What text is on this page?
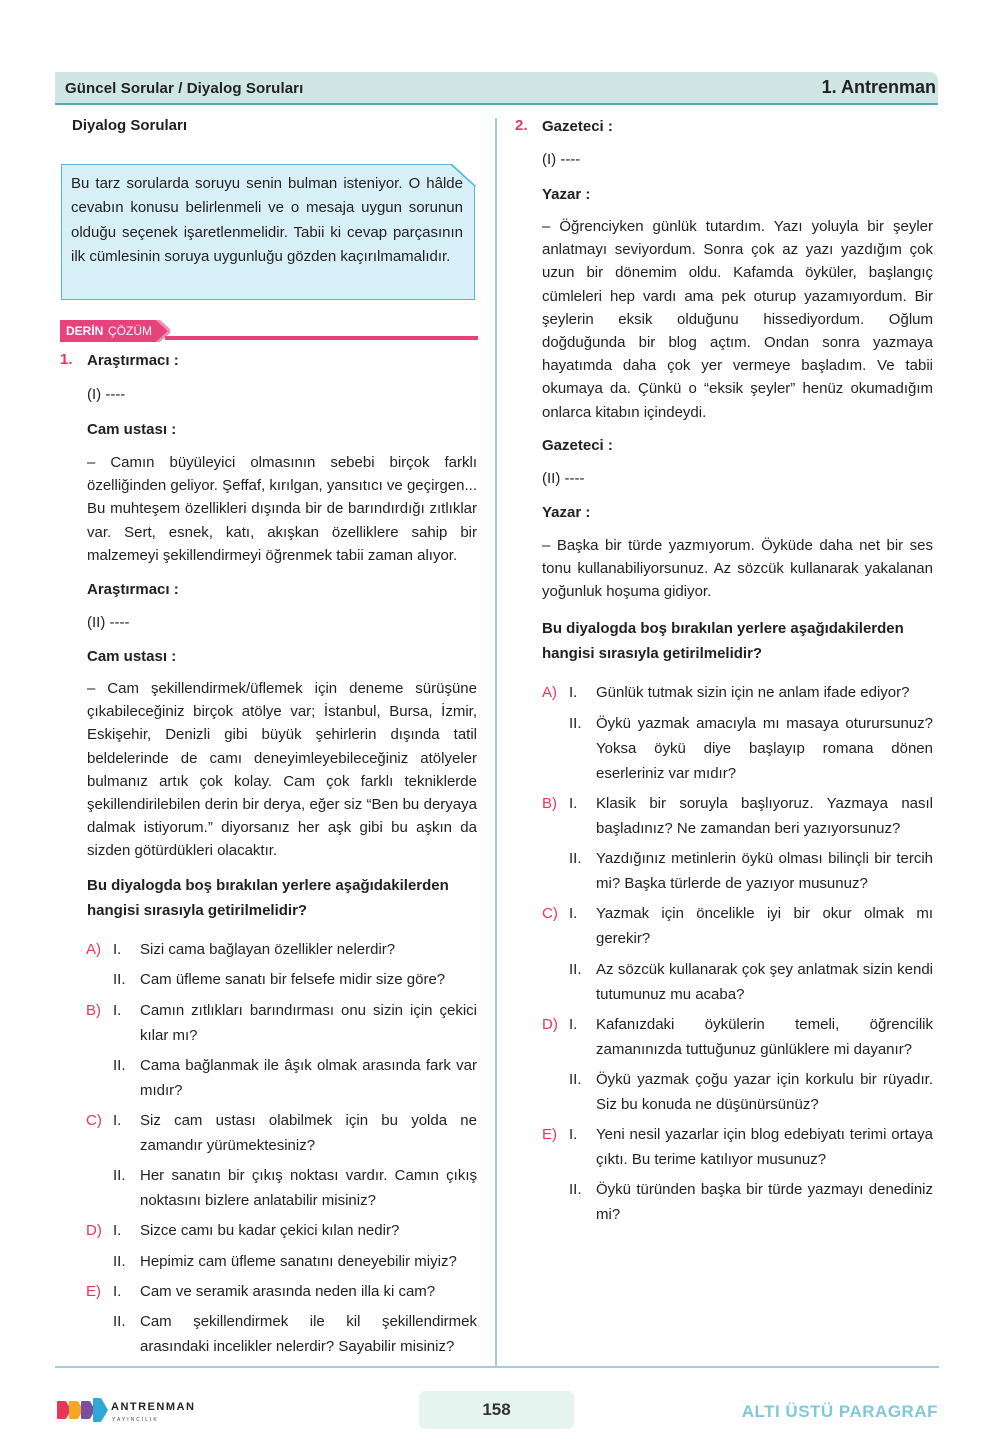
Güncel Sorular / Diyalog Soruları	1. Antrenman
Diyalog Soruları
Bu tarz sorularda soruyu senin bulman isteniyor. O hâlde cevabın konusu belirlenmeli ve o mesaja uygun sorunun olduğu seçenek işaretlenmelidir. Tabii ki cevap parçasının ilk cümlesinin soruya uygunluğu gözden kaçırılmamalıdır.
DERİN ÇÖZÜM
1. Araştırmacı :
(I) ----
Cam ustası :
– Camın büyüleyici olmasının sebebi birçok farklı özelliğinden geliyor. Şeffaf, kırılgan, yansıtıcı ve geçirgen... Bu muhteşem özellikleri dışında bir de barındırdığı zıtlıklar var. Sert, esnek, katı, akışkan özelliklere sahip bir malzemeyi şekillendirmeyi öğrenmek tabii zaman alıyor.
Araştırmacı :
(II) ----
Cam ustası :
– Cam şekillendirmek/üflemek için deneme sürüşüne çıkabileceğiniz birçok atölye var; İstanbul, Bursa, İzmir, Eskişehir, Denizli gibi büyük şehirlerin dışında tatil beldelerinde de camı deneyimleyebileceğiniz atölyeler bulmanız artık çok kolay. Cam çok farklı tekniklerde şekillendirilebilen derin bir derya, eğer siz “Ben bu deryaya dalmak istiyorum.” diyorsanız her aşk gibi bu aşkın da sizden götürdükleri olacaktır.
Bu diyalogda boş bırakılan yerlere aşağıdakilerden hangisi sırasıyla getirilmelidir?
A) I. Sizi cama bağlayan özellikler nelerdir?
II. Cam üfleme sanatı bir felsefe midir size göre?
B) I. Camın zıtlıkları barındırması onu sizin için çekici kılar mı?
II. Cama bağlanmak ile âşık olmak arasında fark var mıdır?
C) I. Siz cam ustası olabilmek için bu yolda ne zamandır yürümektesiniz?
II. Her sanatın bir çıkış noktası vardır. Camın çıkış noktasını bizlere anlatabilir misiniz?
D) I. Sizce camı bu kadar çekici kılan nedir?
II. Hepimiz cam üfleme sanatını deneyebilir miyiz?
E) I. Cam ve seramik arasında neden illa ki cam?
II. Cam şekillendirmek ile kil şekillendirmek arasındaki incelikler nelerdir? Sayabilir misiniz?
2. Gazeteci :
(I) ----
Yazar :
– Öğrenciyken günlük tutardım. Yazı yoluyla bir şeyler anlatmayı seviyordum. Sonra çok az yazı yazdığım çok uzun bir dönemim oldu. Kafamda öyküler, başlangıç cümleleri hep vardı ama pek oturup yazamıyordum. Bir şeylerin eksik olduğunu hissediyordum. Oğlum doğduğunda bir blog açtım. Ondan sonra yazmaya hayatımda daha çok yer vermeye başladım. Ve tabii okumaya da. Çünkü o “eksik şeyler” henüz okumadığım onlarca kitabın içindeydi.
Gazeteci :
(II) ----
Yazar :
– Başka bir türde yazmıyorum. Öyküde daha net bir ses tonu kullanabiliyorsunuz. Az sözcük kullanarak yakalanan yoğunluk hoşuma gidiyor.
Bu diyalogda boş bırakılan yerlere aşağıdakilerden hangisi sırasıyla getirilmelidir?
A) I. Günlük tutmak sizin için ne anlam ifade ediyor?
II. Öykü yazmak amacıyla mı masaya oturursunuz? Yoksa öykü diye başlayıp romana dönen eserleriniz var mıdır?
B) I. Klasik bir soruyla başlıyoruz. Yazmaya nasıl başladınız? Ne zamandan beri yazıyorsunuz?
II. Yazdığınız metinlerin öykü olması bilinçli bir tercih mi? Başka türlerde de yazıyor musunuz?
C) I. Yazmak için öncelikle iyi bir okur olmak mı gerekir?
II. Az sözcük kullanarak çok şey anlatmak sizin kendi tutumunuz mu acaba?
D) I. Kafanızdaki öykülerin temeli, öğrencilik zamanınızda tuttuğunuz günlüklere mi dayanır?
II. Öykü yazmak çoğu yazar için korkulu bir rüyadır. Siz bu konuda ne düşünürsünüz?
E) I. Yeni nesil yazarlar için blog edebiyatı terimi ortaya çıktı. Bu terime katılıyor musunuz?
II. Öykü türünden başka bir türde yazmayı denediniz mi?
ANTRENMAN
YAYINCILIK
158	ALTI ÜSTÜ PARAGRAF
